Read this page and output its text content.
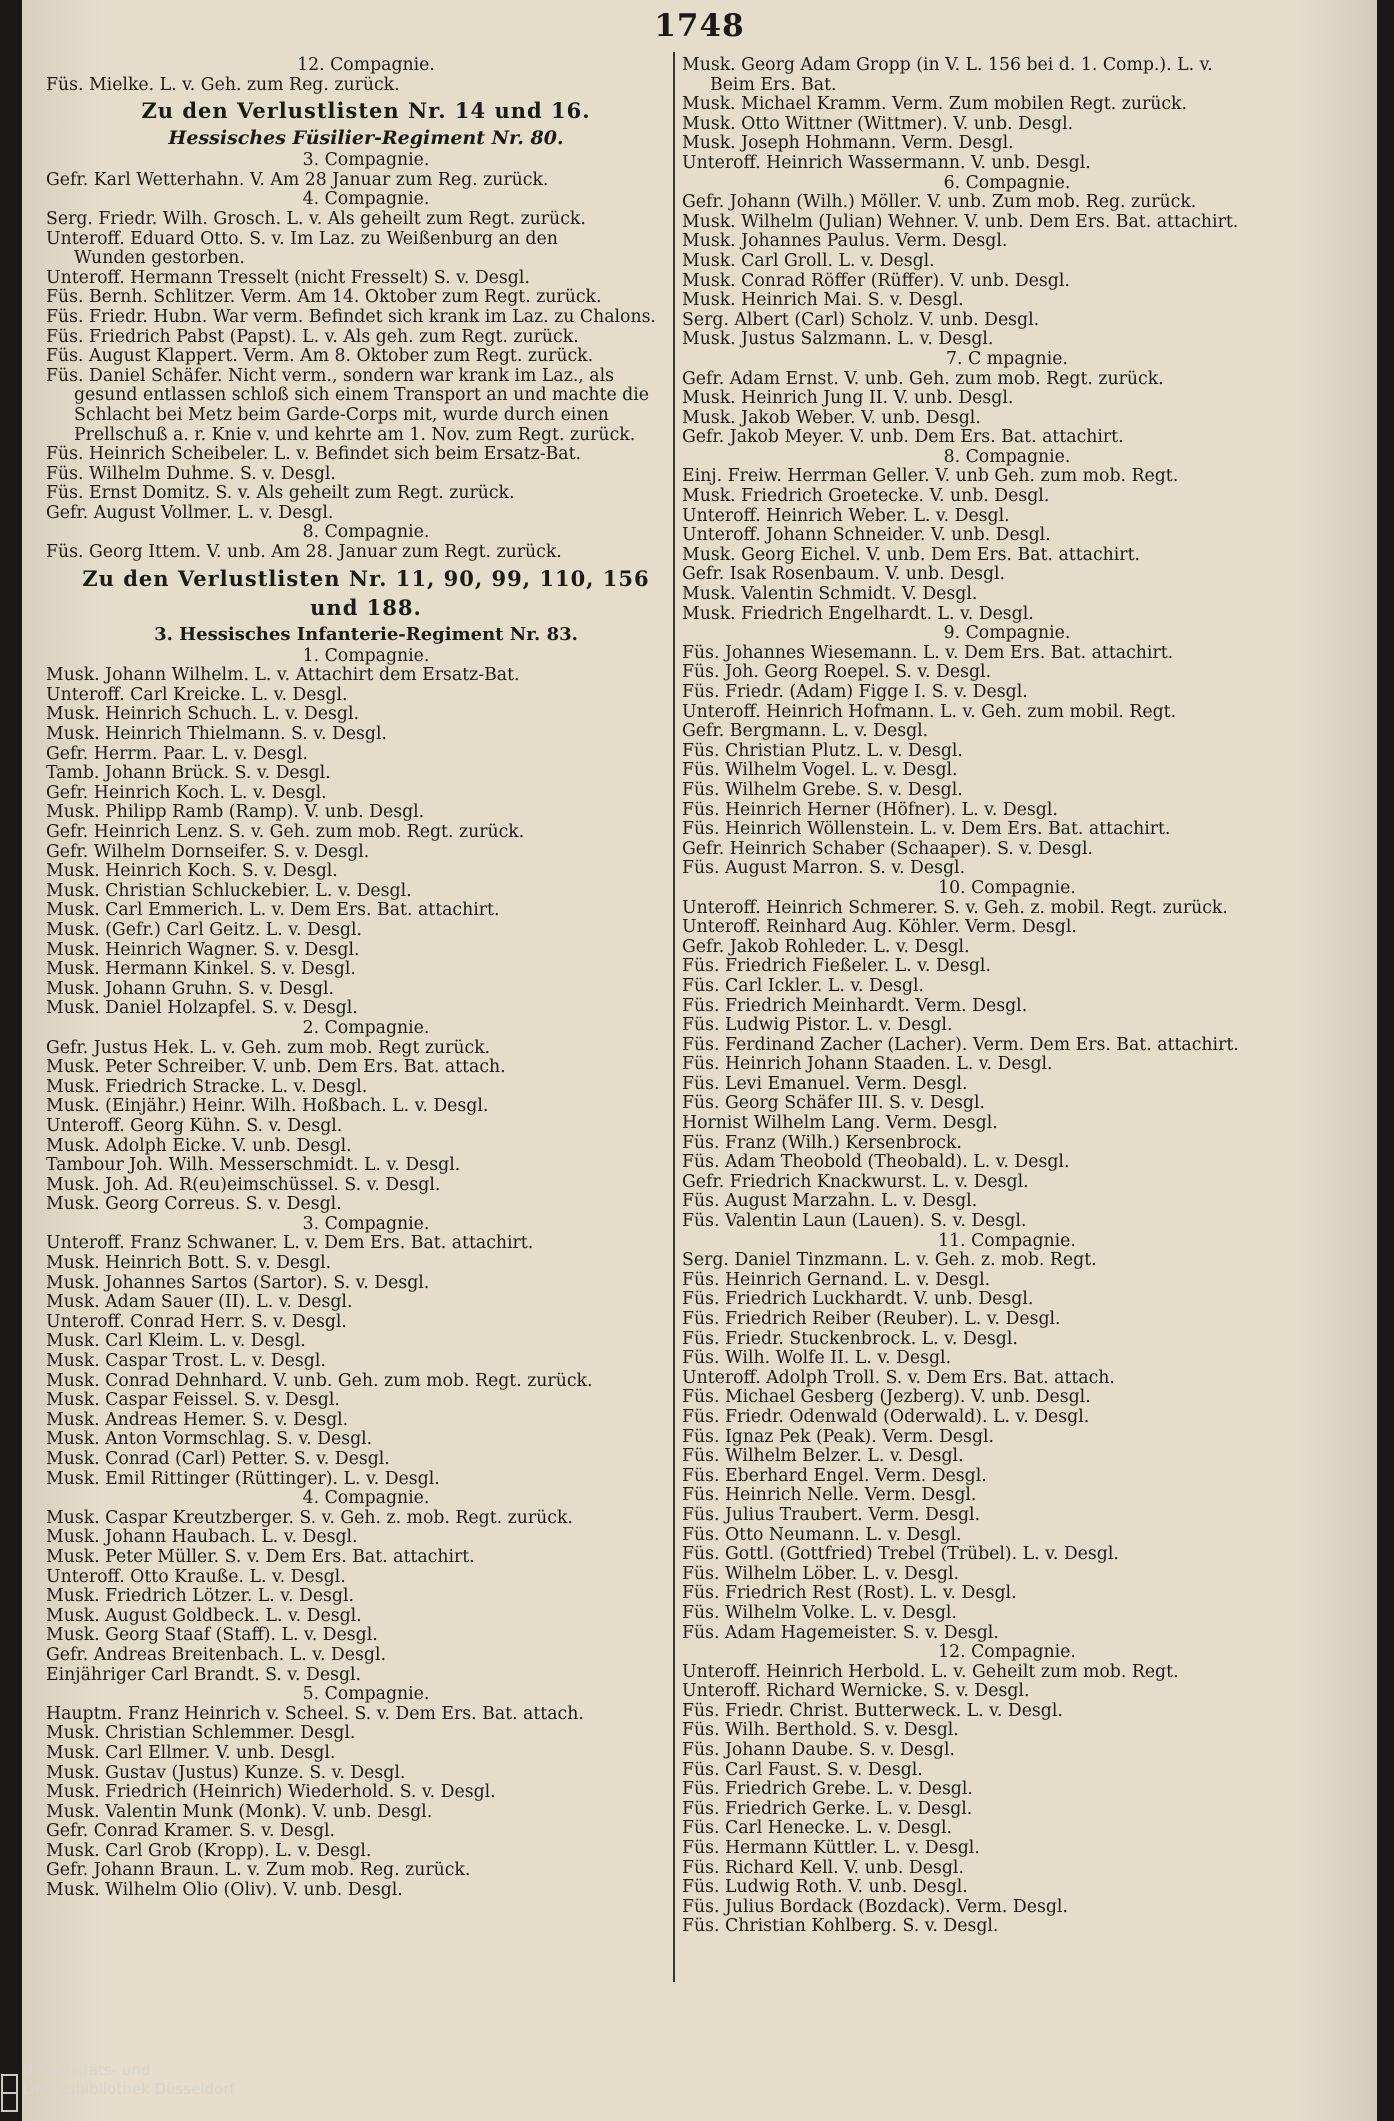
1748
12. Compagnie.
Füs. Mielke. L. v. Geh. zum Reg. zurück.
Zu den Verlustlisten Nr. 14 und 16.
Hessisches Füsilier-Regiment Nr. 80.
3. Compagnie.
Gefr. Karl Wetterhahn. V. Am 28 Januar zum Reg. zurück.
4. Compagnie.
Serg. Friedr. Wilh. Grosch. L. v. Als geheilt zum Regt. zurück.
Unteroff. Eduard Otto. S. v. Im Laz. zu Weißenburg an den
Wunden gestorben.
Unteroff. Hermann Tresselt (nicht Fresselt) S. v. Desgl.
Füs. Bernh. Schlitzer. Verm. Am 14. Oktober zum Regt. zurück.
Füs. Friedr. Hubn. War verm. Befindet sich krank im Laz. zu Chalons.
Füs. Friedrich Pabst (Papst). L. v. Als geh. zum Regt. zurück.
Füs. August Klappert. Verm. Am 8. Oktober zum Regt. zurück.
Füs. Daniel Schäfer. Nicht verm., sondern war krank im Laz., als
gesund entlassen schloß sich einem Transport an und machte die
Schlacht bei Metz beim Garde-Corps mit, wurde durch einen
Prellschuß a. r. Knie v. und kehrte am 1. Nov. zum Regt. zurück.
Füs. Heinrich Scheibeler. L. v. Befindet sich beim Ersatz-Bat.
Füs. Wilhelm Duhme. S. v. Desgl.
Füs. Ernst Domitz. S. v. Als geheilt zum Regt. zurück.
Gefr. August Vollmer. L. v. Desgl.
8. Compagnie.
Füs. Georg Ittem. V. unb. Am 28. Januar zum Regt. zurück.
Zu den Verlustlisten Nr. 11, 90, 99, 110, 156
und 188.
3. Hessisches Infanterie-Regiment Nr. 83.
1. Compagnie.
Musk. Johann Wilhelm. L. v. Attachirt dem Ersatz-Bat.
Unteroff. Carl Kreicke. L. v. Desgl.
Musk. Heinrich Schuch. L. v. Desgl.
Musk. Heinrich Thielmann. S. v. Desgl.
Gefr. Herrm. Paar. L. v. Desgl.
Tamb. Johann Brück. S. v. Desgl.
Gefr. Heinrich Koch. L. v. Desgl.
Musk. Philipp Ramb (Ramp). V. unb. Desgl.
Gefr. Heinrich Lenz. S. v. Geh. zum mob. Regt. zurück.
Gefr. Wilhelm Dornseifer. S. v. Desgl.
Musk. Heinrich Koch. S. v. Desgl.
Musk. Christian Schluckebier. L. v. Desgl.
Musk. Carl Emmerich. L. v. Dem Ers. Bat. attachirt.
Musk. (Gefr.) Carl Geitz. L. v. Desgl.
Musk. Heinrich Wagner. S. v. Desgl.
Musk. Hermann Kinkel. S. v. Desgl.
Musk. Johann Gruhn. S. v. Desgl.
Musk. Daniel Holzapfel. S. v. Desgl.
2. Compagnie.
Gefr. Justus Hek. L. v. Geh. zum mob. Regt zurück.
Musk. Peter Schreiber. V. unb. Dem Ers. Bat. attach.
Musk. Friedrich Stracke. L. v. Desgl.
Musk. (Einjähr.) Heinr. Wilh. Hoßbach. L. v. Desgl.
Unteroff. Georg Kühn. S. v. Desgl.
Musk. Adolph Eicke. V. unb. Desgl.
Tambour Joh. Wilh. Messerschmidt. L. v. Desgl.
Musk. Joh. Ad. R(eu)eimschüssel. S. v. Desgl.
Musk. Georg Correus. S. v. Desgl.
3. Compagnie.
Unteroff. Franz Schwaner. L. v. Dem Ers. Bat. attachirt.
Musk. Heinrich Bott. S. v. Desgl.
Musk. Johannes Sartos (Sartor). S. v. Desgl.
Musk. Adam Sauer (II). L. v. Desgl.
Unteroff. Conrad Herr. S. v. Desgl.
Musk. Carl Kleim. L. v. Desgl.
Musk. Caspar Trost. L. v. Desgl.
Musk. Conrad Dehnhard. V. unb. Geh. zum mob. Regt. zurück.
Musk. Caspar Feissel. S. v. Desgl.
Musk. Andreas Hemer. S. v. Desgl.
Musk. Anton Vormschlag. S. v. Desgl.
Musk. Conrad (Carl) Petter. S. v. Desgl.
Musk. Emil Rittinger (Rüttinger). L. v. Desgl.
4. Compagnie.
Musk. Caspar Kreutzberger. S. v. Geh. z. mob. Regt. zurück.
Musk. Johann Haubach. L. v. Desgl.
Musk. Peter Müller. S. v. Dem Ers. Bat. attachirt.
Unteroff. Otto Krauße. L. v. Desgl.
Musk. Friedrich Lötzer. L. v. Desgl.
Musk. August Goldbeck. L. v. Desgl.
Musk. Georg Staaf (Staff). L. v. Desgl.
Gefr. Andreas Breitenbach. L. v. Desgl.
Einjähriger Carl Brandt. S. v. Desgl.
5. Compagnie.
Hauptm. Franz Heinrich v. Scheel. S. v. Dem Ers. Bat. attach.
Musk. Christian Schlemmer. Desgl.
Musk. Carl Ellmer. V. unb. Desgl.
Musk. Gustav (Justus) Kunze. S. v. Desgl.
Musk. Friedrich (Heinrich) Wiederhold. S. v. Desgl.
Musk. Valentin Munk (Monk). V. unb. Desgl.
Gefr. Conrad Kramer. S. v. Desgl.
Musk. Carl Grob (Kropp). L. v. Desgl.
Gefr. Johann Braun. L. v. Zum mob. Reg. zurück.
Musk. Wilhelm Olio (Oliv). V. unb. Desgl.
Musk. Georg Adam Gropp (in V. L. 156 bei d. 1. Comp.). L. v.
Beim Ers. Bat.
Musk. Michael Kramm. Verm. Zum mobilen Regt. zurück.
Musk. Otto Wittner (Wittmer). V. unb. Desgl.
Musk. Joseph Hohmann. Verm. Desgl.
Unteroff. Heinrich Wassermann. V. unb. Desgl.
6. Compagnie.
Gefr. Johann (Wilh.) Möller. V. unb. Zum mob. Reg. zurück.
Musk. Wilhelm (Julian) Wehner. V. unb. Dem Ers. Bat. attachirt.
Musk. Johannes Paulus. Verm. Desgl.
Musk. Carl Groll. L. v. Desgl.
Musk. Conrad Röffer (Rüffer). V. unb. Desgl.
Musk. Heinrich Mai. S. v. Desgl.
Serg. Albert (Carl) Scholz. V. unb. Desgl.
Musk. Justus Salzmann. L. v. Desgl.
7. C mpagnie.
Gefr. Adam Ernst. V. unb. Geh. zum mob. Regt. zurück.
Musk. Heinrich Jung II. V. unb. Desgl.
Musk. Jakob Weber. V. unb. Desgl.
Gefr. Jakob Meyer. V. unb. Dem Ers. Bat. attachirt.
8. Compagnie.
Einj. Freiw. Herrman Geller. V. unb Geh. zum mob. Regt.
Musk. Friedrich Groetecke. V. unb. Desgl.
Unteroff. Heinrich Weber. L. v. Desgl.
Unteroff. Johann Schneider. V. unb. Desgl.
Musk. Georg Eichel. V. unb. Dem Ers. Bat. attachirt.
Gefr. Isak Rosenbaum. V. unb. Desgl.
Musk. Valentin Schmidt. V. Desgl.
Musk. Friedrich Engelhardt. L. v. Desgl.
9. Compagnie.
Füs. Johannes Wiesemann. L. v. Dem Ers. Bat. attachirt.
Füs. Joh. Georg Roepel. S. v. Desgl.
Füs. Friedr. (Adam) Figge I. S. v. Desgl.
Unteroff. Heinrich Hofmann. L. v. Geh. zum mobil. Regt.
Gefr. Bergmann. L. v. Desgl.
Füs. Christian Plutz. L. v. Desgl.
Füs. Wilhelm Vogel. L. v. Desgl.
Füs. Wilhelm Grebe. S. v. Desgl.
Füs. Heinrich Herner (Höfner). L. v. Desgl.
Füs. Heinrich Wöllenstein. L. v. Dem Ers. Bat. attachirt.
Gefr. Heinrich Schaber (Schaaper). S. v. Desgl.
Füs. August Marron. S. v. Desgl.
10. Compagnie.
Unteroff. Heinrich Schmerer. S. v. Geh. z. mobil. Regt. zurück.
Unteroff. Reinhard Aug. Köhler. Verm. Desgl.
Gefr. Jakob Rohleder. L. v. Desgl.
Füs. Friedrich Fießeler. L. v. Desgl.
Füs. Carl Ickler. L. v. Desgl.
Füs. Friedrich Meinhardt. Verm. Desgl.
Füs. Ludwig Pistor. L. v. Desgl.
Füs. Ferdinand Zacher (Lacher). Verm. Dem Ers. Bat. attachirt.
Füs. Heinrich Johann Staaden. L. v. Desgl.
Füs. Levi Emanuel. Verm. Desgl.
Füs. Georg Schäfer III. S. v. Desgl.
Hornist Wilhelm Lang. Verm. Desgl.
Füs. Franz (Wilh.) Kersenbrock.
Füs. Adam Theobold (Theobald). L. v. Desgl.
Gefr. Friedrich Knackwurst. L. v. Desgl.
Füs. August Marzahn. L. v. Desgl.
Füs. Valentin Laun (Lauen). S. v. Desgl.
11. Compagnie.
Serg. Daniel Tinzmann. L. v. Geh. z. mob. Regt.
Füs. Heinrich Gernand. L. v. Desgl.
Füs. Friedrich Luckhardt. V. unb. Desgl.
Füs. Friedrich Reiber (Reuber). L. v. Desgl.
Füs. Friedr. Stuckenbrock. L. v. Desgl.
Füs. Wilh. Wolfe II. L. v. Desgl.
Unteroff. Adolph Troll. S. v. Dem Ers. Bat. attach.
Füs. Michael Gesberg (Jezberg). V. unb. Desgl.
Füs. Friedr. Odenwald (Oderwald). L. v. Desgl.
Füs. Ignaz Pek (Peak). Verm. Desgl.
Füs. Wilhelm Belzer. L. v. Desgl.
Füs. Eberhard Engel. Verm. Desgl.
Füs. Heinrich Nelle. Verm. Desgl.
Füs. Julius Traubert. Verm. Desgl.
Füs. Otto Neumann. L. v. Desgl.
Füs. Gottl. (Gottfried) Trebel (Trübel). L. v. Desgl.
Füs. Wilhelm Löber. L. v. Desgl.
Füs. Friedrich Rest (Rost). L. v. Desgl.
Füs. Wilhelm Volke. L. v. Desgl.
Füs. Adam Hagemeister. S. v. Desgl.
12. Compagnie.
Unteroff. Heinrich Herbold. L. v. Geheilt zum mob. Regt.
Unteroff. Richard Wernicke. S. v. Desgl.
Füs. Friedr. Christ. Butterweck. L. v. Desgl.
Füs. Wilh. Berthold. S. v. Desgl.
Füs. Johann Daube. S. v. Desgl.
Füs. Carl Faust. S. v. Desgl.
Füs. Friedrich Grebe. L. v. Desgl.
Füs. Friedrich Gerke. L. v. Desgl.
Füs. Carl Henecke. L. v. Desgl.
Füs. Hermann Küttler. L. v. Desgl.
Füs. Richard Kell. V. unb. Desgl.
Füs. Ludwig Roth. V. unb. Desgl.
Füs. Julius Bordack (Bozdack). Verm. Desgl.
Füs. Christian Kohlberg. S. v. Desgl.
Universitäts- und
Landesbibliothek Düsseldorf
